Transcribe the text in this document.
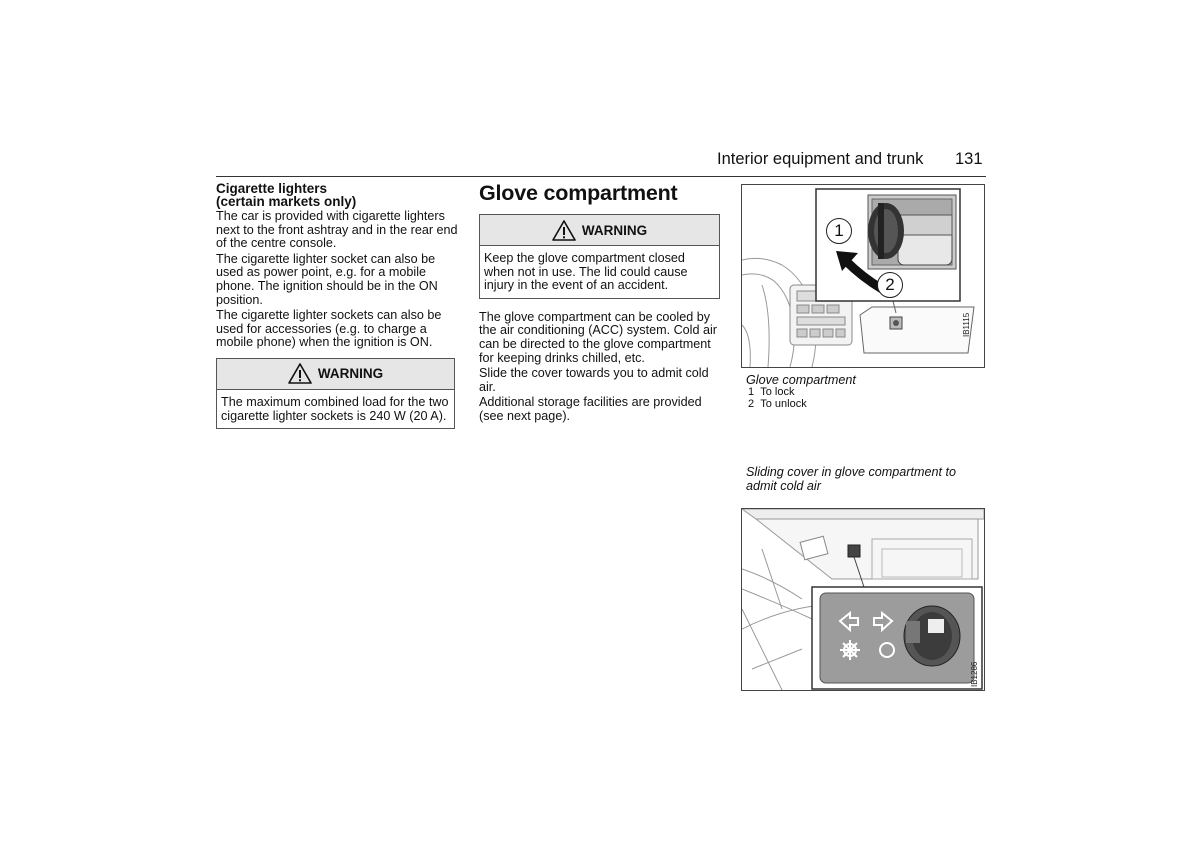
Interior equipment and trunk 131
Cigarette lighters
(certain markets only)
The car is provided with cigarette lighters next to the front ashtray and in the rear end of the centre console.
The cigarette lighter socket can also be used as power point, e.g. for a mobile phone. The ignition should be in the ON position.
The cigarette lighter sockets can also be used for accessories (e.g. to charge a mobile phone) when the ignition is ON.
WARNING
The maximum combined load for the two cigarette lighter sockets is 240 W (20 A).
Glove compartment
WARNING
Keep the glove compartment closed when not in use. The lid could cause injury in the event of an accident.
The glove compartment can be cooled by the air conditioning (ACC) system. Cold air can be directed to the glove compartment for keeping drinks chilled, etc.
Slide the cover towards you to admit cold air.
Additional storage facilities are provided (see next page).
1
2
IB1115
Glove compartment
1 To lock
2 To unlock
Sliding cover in glove compartment to admit cold air
IB1286
